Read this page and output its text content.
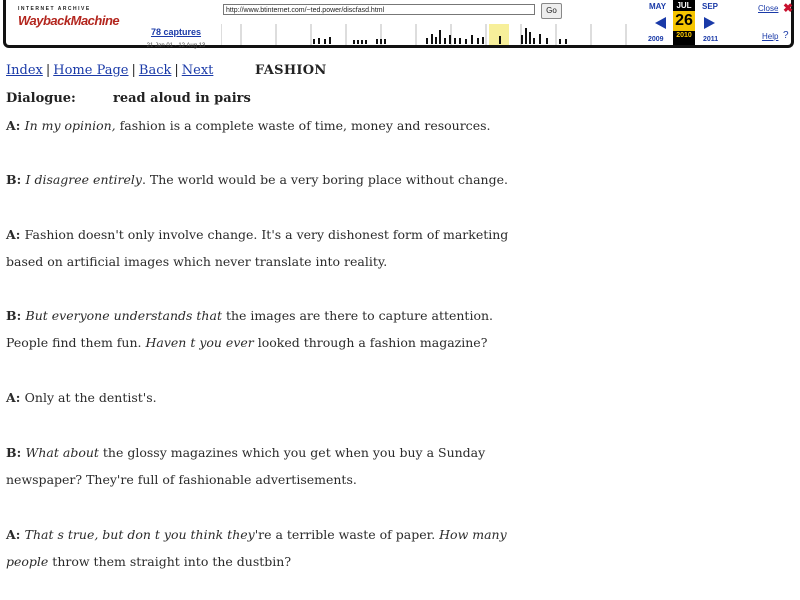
INTERNET ARCHIVE
WaybackMachine
78 captures
21 Jan 01 - 12 Aug 13
http://www.btinternet.com/~ted.power/discfasd.html	Go	MAY
2009
JUL
26
2010
SEP
2011
Close ✖
Help ?
Index | Home Page | Back | Next	FASHION
Dialogue:	read aloud in pairs
A: In my opinion, fashion is a complete waste of time, money and resources.
B: I disagree entirely. The world would be a very boring place without change.
A: Fashion doesn't only involve change. It's a very dishonest form of marketing
based on artificial images which never translate into reality.
B: But everyone understands that the images are there to capture attention.
People find them fun. Haven t you ever looked through a fashion magazine?
A: Only at the dentist's.
B: What about the glossy magazines which you get when you buy a Sunday
newspaper? They're full of fashionable advertisements.
A: That s true, but don t you think they're a terrible waste of paper. How many
people throw them straight into the dustbin?
